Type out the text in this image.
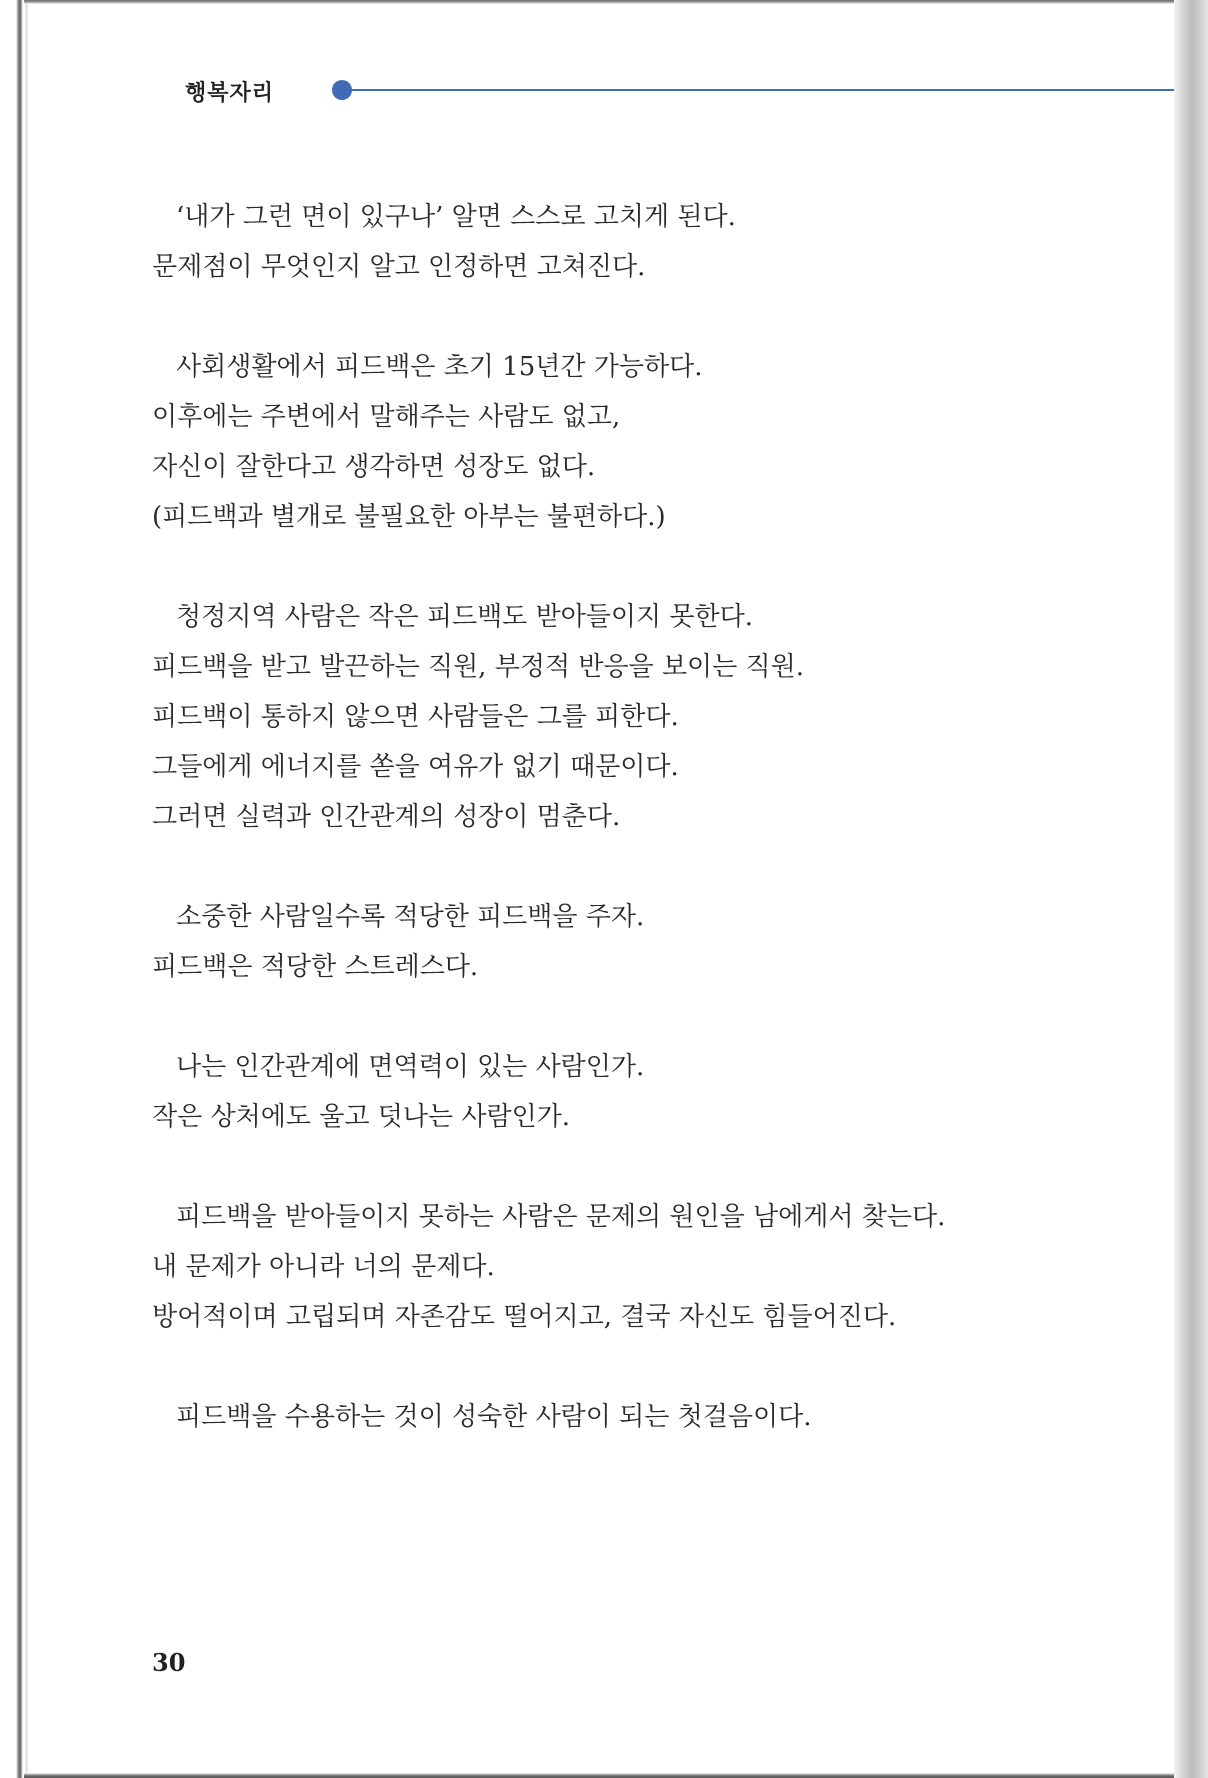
행복자리
‘내가 그런 면이 있구나’ 알면 스스로 고치게 된다.
문제점이 무엇인지 알고 인정하면 고쳐진다.
사회생활에서 피드백은 초기 15년간 가능하다.
이후에는 주변에서 말해주는 사람도 없고,
자신이 잘한다고 생각하면 성장도 없다.
(피드백과 별개로 불필요한 아부는 불편하다.)
청정지역 사람은 작은 피드백도 받아들이지 못한다.
피드백을 받고 발끈하는 직원, 부정적 반응을 보이는 직원.
피드백이 통하지 않으면 사람들은 그를 피한다.
그들에게 에너지를 쏟을 여유가 없기 때문이다.
그러면 실력과 인간관계의 성장이 멈춘다.
소중한 사람일수록 적당한 피드백을 주자.
피드백은 적당한 스트레스다.
나는 인간관계에 면역력이 있는 사람인가.
작은 상처에도 울고 덧나는 사람인가.
피드백을 받아들이지 못하는 사람은 문제의 원인을 남에게서 찾는다.
내 문제가 아니라 너의 문제다.
방어적이며 고립되며 자존감도 떨어지고, 결국 자신도 힘들어진다.
피드백을 수용하는 것이 성숙한 사람이 되는 첫걸음이다.
30
